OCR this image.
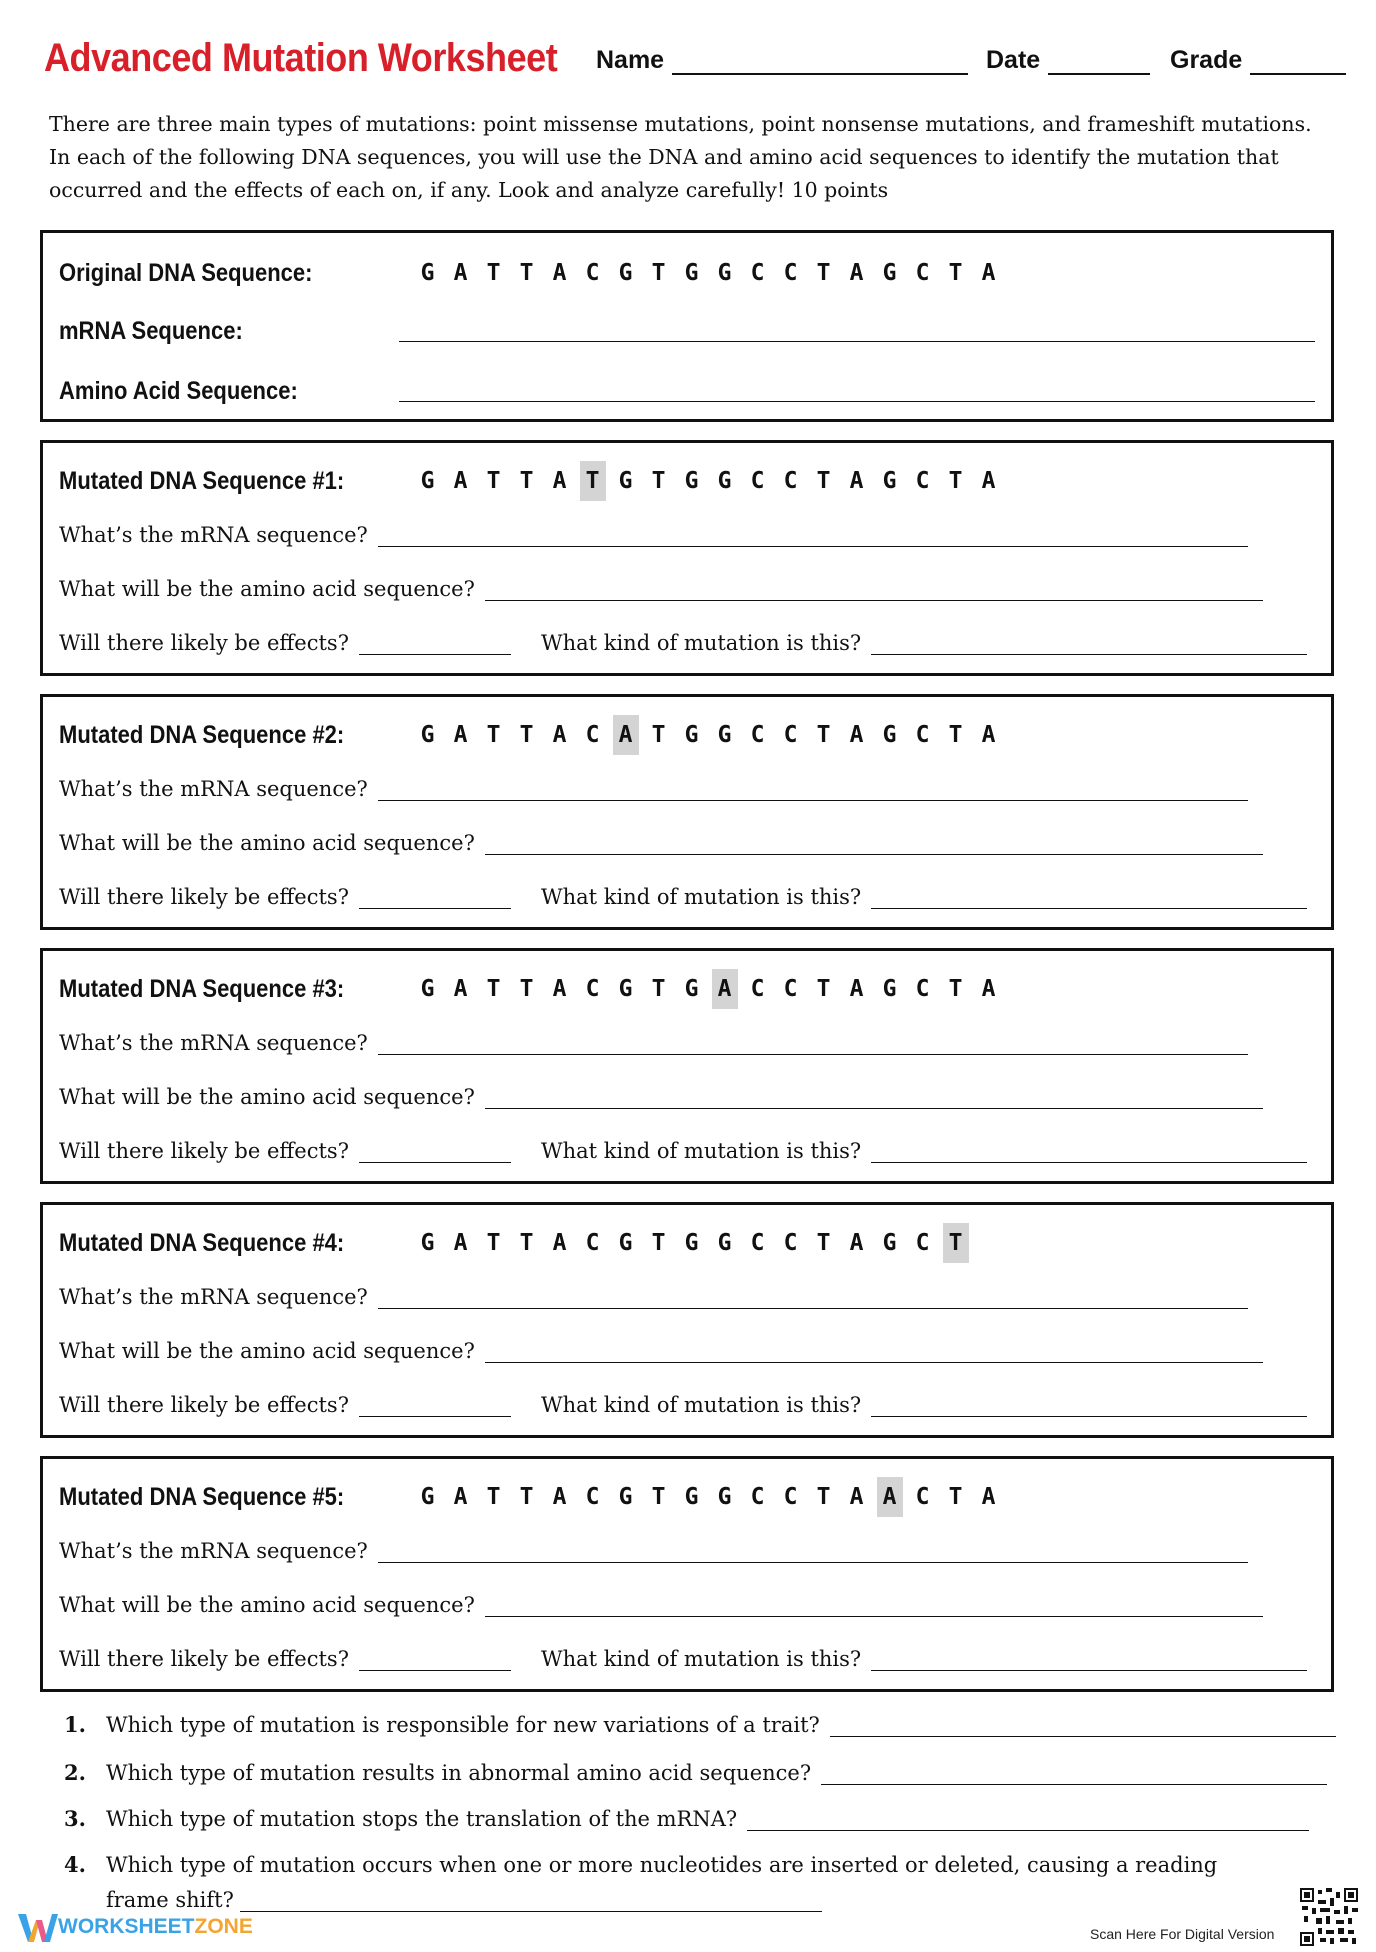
Advanced Mutation Worksheet Name	Date	Grade
There are three main types of mutations: point missense mutations, point nonsense mutations, and frameshift mutations. In each of the following DNA sequences, you will use the DNA and amino acid sequences to identify the mutation that occurred and the effects of each on, if any. Look and analyze carefully! 10 points
Original DNA Sequence:	G A T T A C G T G G C C T A G C T A
mRNA Sequence:
Amino Acid Sequence:
Mutated DNA Sequence #1:	G A T T A T G T G G C C T A G C T A
What’s the mRNA sequence?
What will be the amino acid sequence?
Will there likely be effects?	What kind of mutation is this?
Mutated DNA Sequence #2:	G A T T A C A T G G C C T A G C T A
What’s the mRNA sequence?
What will be the amino acid sequence?
Will there likely be effects?	What kind of mutation is this?
Mutated DNA Sequence #3:	G A T T A C G T G A C C T A G C T A
What’s the mRNA sequence?
What will be the amino acid sequence?
Will there likely be effects?	What kind of mutation is this?
Mutated DNA Sequence #4:	G A T T A C G T G G C C T A G C T
What’s the mRNA sequence?
What will be the amino acid sequence?
Will there likely be effects?	What kind of mutation is this?
Mutated DNA Sequence #5:	G A T T A C G T G G C C T A A C T A
What’s the mRNA sequence?
What will be the amino acid sequence?
Will there likely be effects?	What kind of mutation is this?
1. Which type of mutation is responsible for new variations of a trait?
2. Which type of mutation results in abnormal amino acid sequence?
3. Which type of mutation stops the translation of the mRNA?
4. Which type of mutation occurs when one or more nucleotides are inserted or deleted, causing a reading
frame shift?
WORKSHEET ZONE	Scan Here For Digital Version
